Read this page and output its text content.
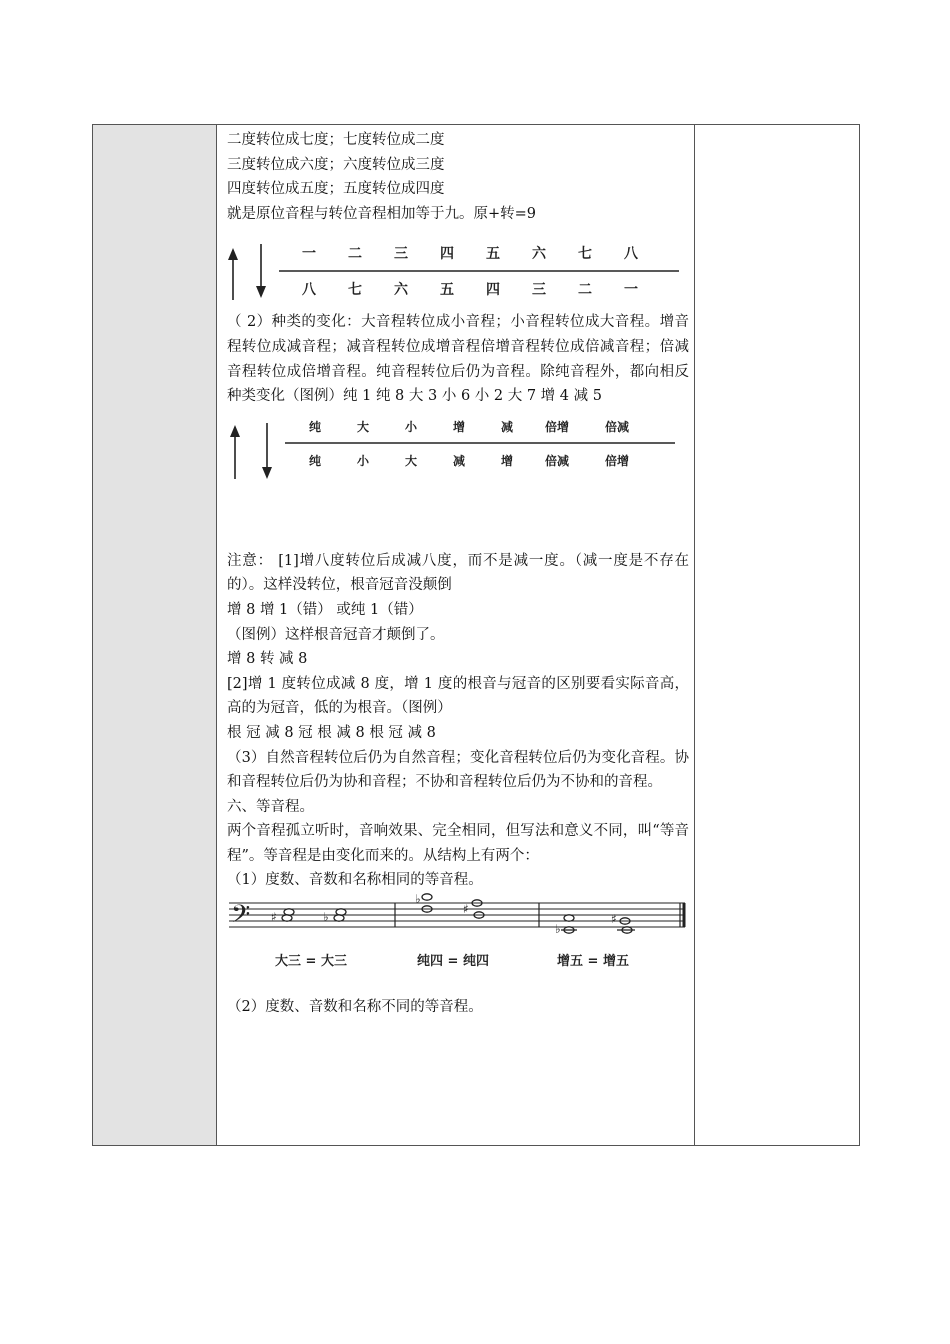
二度转位成七度；七度转位成二度

三度转位成六度；六度转位成三度

四度转位成五度；五度转位成四度

就是原位音程与转位音程相加等于九。原+转=9

一 二 三 四 五 六 七 八
八 七 六 五 四 三 二 一

（ 2）种类的变化：大音程转位成小音程；小音程转位成大音程。增音程转位成减音程；减音程转位成增音程倍增音程转位成倍减音程；倍减音程转位成倍增音程。纯音程转位后仍为音程。除纯音程外，都向相反种类变化（图例）纯 1 纯 8 大 3 小 6 小 2 大 7 增 4 减 5

纯	大	小	增	减	倍增	倍减
纯	小	大	减	增	倍减	倍增

注意： [1]增八度转位后成减八度，而不是减一度。（减一度是不存在的）。这样没转位，根音冠音没颠倒

增 8 增 1（错） 或纯 1（错）

（图例）这样根音冠音才颠倒了。

增 8 转 减 8

[2]增 1 度转位成减 8 度，增 1 度的根音与冠音的区别要看实际音高，高的为冠音，低的为根音。（图例）

根 冠 减 8 冠 根 减 8 根 冠 减 8

（3）自然音程转位后仍为自然音程；变化音程转位后仍为变化音程。协和音程转位后仍为协和音程；不协和音程转位后仍为不协和的音程。

六、等音程。

两个音程孤立听时，音响效果、完全相同，但写法和意义不同，叫“等音程”。等音程是由变化而来的。从结构上有两个：

（1）度数、音数和名称相同的等音程。

𝄢 ♯	♭
♭
♯
♭
♯
大三 = 大三	纯四 = 纯四	增五 = 增五

（2）度数、音数和名称不同的等音程。
